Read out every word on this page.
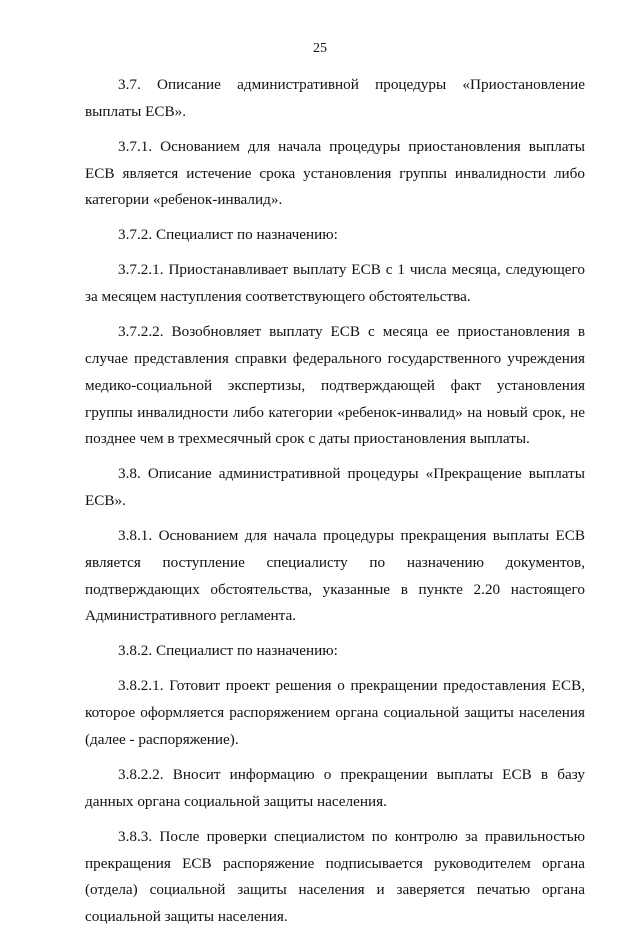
25

3.7. Описание административной процедуры «Приостановление выплаты ЕСВ».

3.7.1. Основанием для начала процедуры приостановления выплаты ЕСВ является истечение срока установления группы инвалидности либо категории «ребенок-инвалид».

3.7.2. Специалист по назначению:

3.7.2.1. Приостанавливает выплату ЕСВ с 1 числа месяца, следующего за месяцем наступления соответствующего обстоятельства.

3.7.2.2. Возобновляет выплату ЕСВ с месяца ее приостановления в случае представления справки федерального государственного учреждения медико-социальной экспертизы, подтверждающей факт установления группы инвалидности либо категории «ребенок-инвалид» на новый срок, не позднее чем в трехмесячный срок с даты приостановления выплаты.

3.8. Описание административной процедуры «Прекращение выплаты ЕСВ».

3.8.1. Основанием для начала процедуры прекращения выплаты ЕСВ является поступление специалисту по назначению документов, подтверждающих обстоятельства, указанные в пункте 2.20 настоящего Административного регламента.

3.8.2. Специалист по назначению:

3.8.2.1. Готовит проект решения о прекращении предоставления ЕСВ, которое оформляется распоряжением органа социальной защиты населения (далее - распоряжение).

3.8.2.2. Вносит информацию о прекращении выплаты ЕСВ в базу данных органа социальной защиты населения.

3.8.3. После проверки специалистом по контролю за правильностью прекращения ЕСВ распоряжение подписывается руководителем органа (отдела) социальной защиты населения и заверяется печатью органа социальной защиты населения.
